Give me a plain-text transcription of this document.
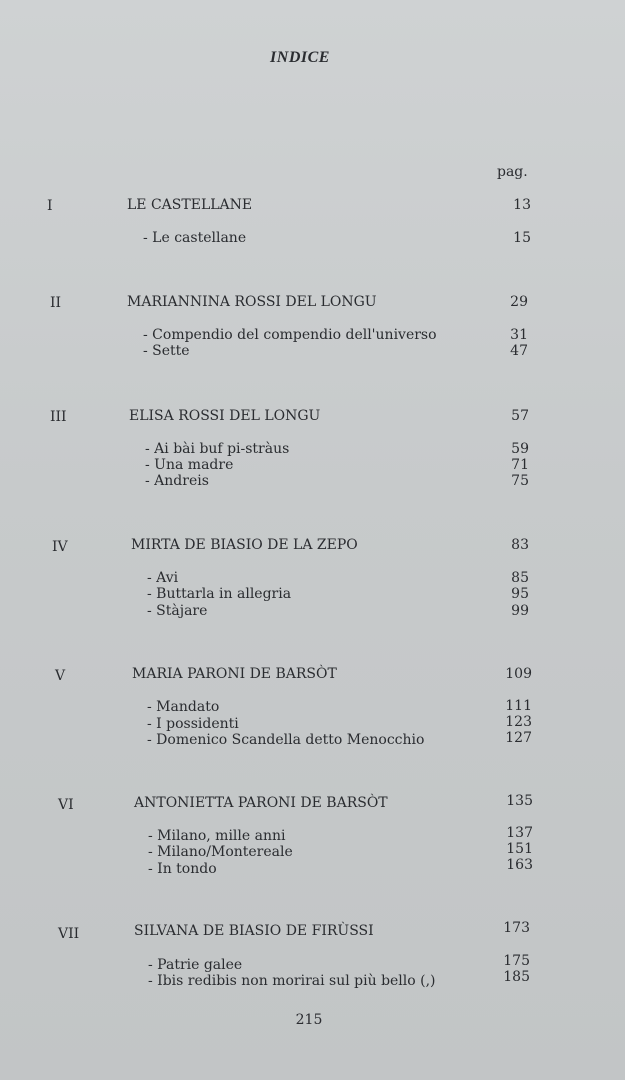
INDICE
pag.
I	LE CASTELLANE	13
- Le castellane	15
II	MARIANNINA ROSSI DEL LONGU	29
- Compendio del compendio dell'universo	31
- Sette	47
III	ELISA ROSSI DEL LONGU	57
- Ai bài buf pi-stràus	59
- Una madre	71
- Andreis	75
IV	MIRTA DE BIASIO DE LA ZEPO	83
- Avi	85
- Buttarla in allegria	95
- Stàjare	99
V	MARIA PARONI DE BARSÒT	109
- Mandato	111
- I possidenti	123
- Domenico Scandella detto Menocchio	127
VI	ANTONIETTA PARONI DE BARSÒT	135
- Milano, mille anni	137
- Milano/Montereale	151
- In tondo	163
VII	SILVANA DE BIASIO DE FIRÙSSI	173
- Patrie galee	175
- Ibis redibis non morirai sul più bello (,)	185
215
